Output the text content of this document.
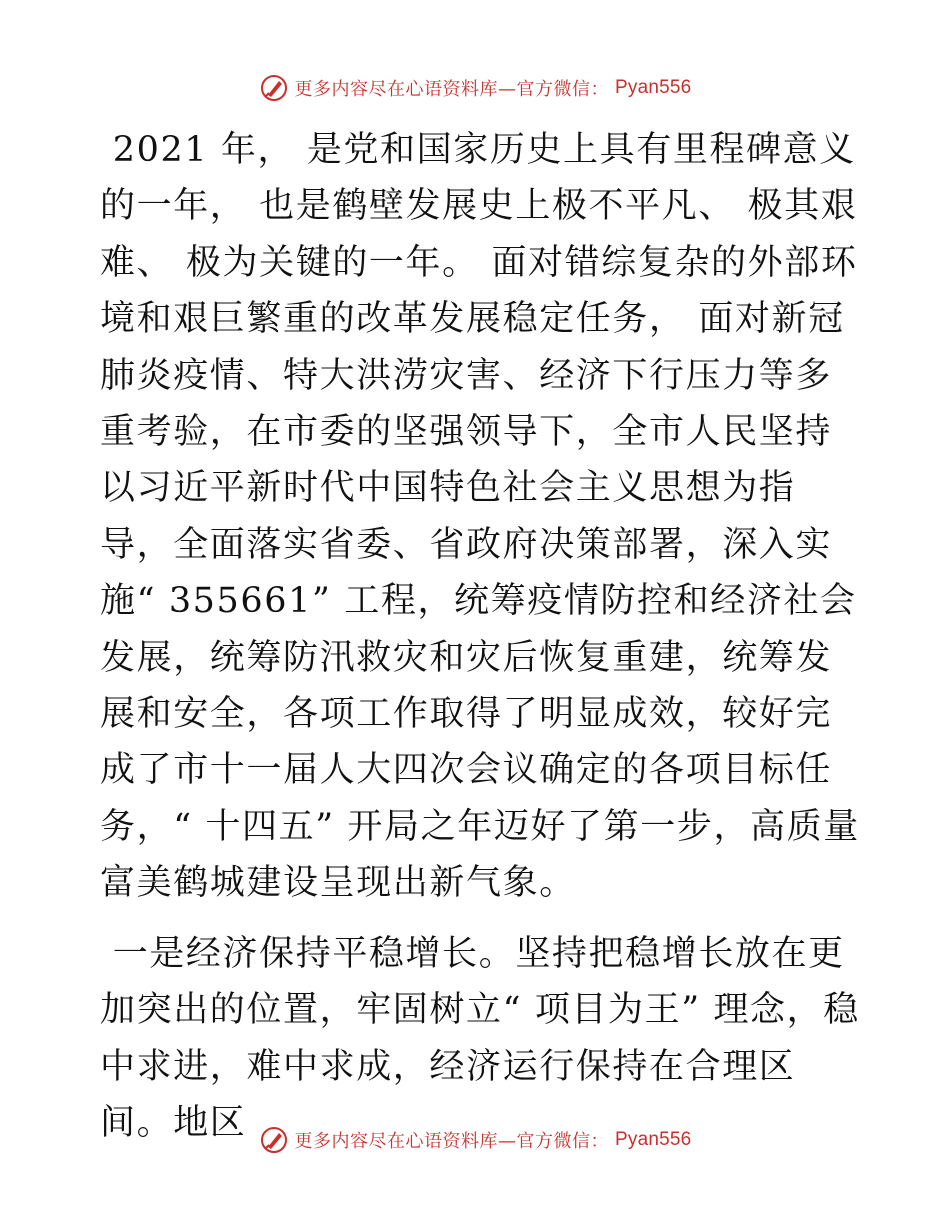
更多内容尽在心语资料库—官方微信： Pyan556

2021 年， 是党和国家历史上具有里程碑意义的一年， 也是鹤壁发展史上极不平凡、 极其艰难、 极为关键的一年。 面对错综复杂的外部环境和艰巨繁重的改革发展稳定任务， 面对新冠肺炎疫情、特大洪涝灾害、经济下行压力等多重考验，在市委的坚强领导下，全市人民坚持以习近平新时代中国特色社会主义思想为指导，全面落实省委、省政府决策部署，深入实施“ 355661” 工程，统筹疫情防控和经济社会发展，统筹防汛救灾和灾后恢复重建，统筹发展和安全，各项工作取得了明显成效，较好完成了市十一届人大四次会议确定的各项目标任务，“ 十四五” 开局之年迈好了第一步，高质量富美鹤城建设呈现出新气象。

一是经济保持平稳增长。坚持把稳增长放在更加突出的位置，牢固树立“ 项目为王” 理念，稳中求进，难中求成，经济运行保持在合理区间。地区	更多内容尽在心语资料库—官方微信： Pyan556
